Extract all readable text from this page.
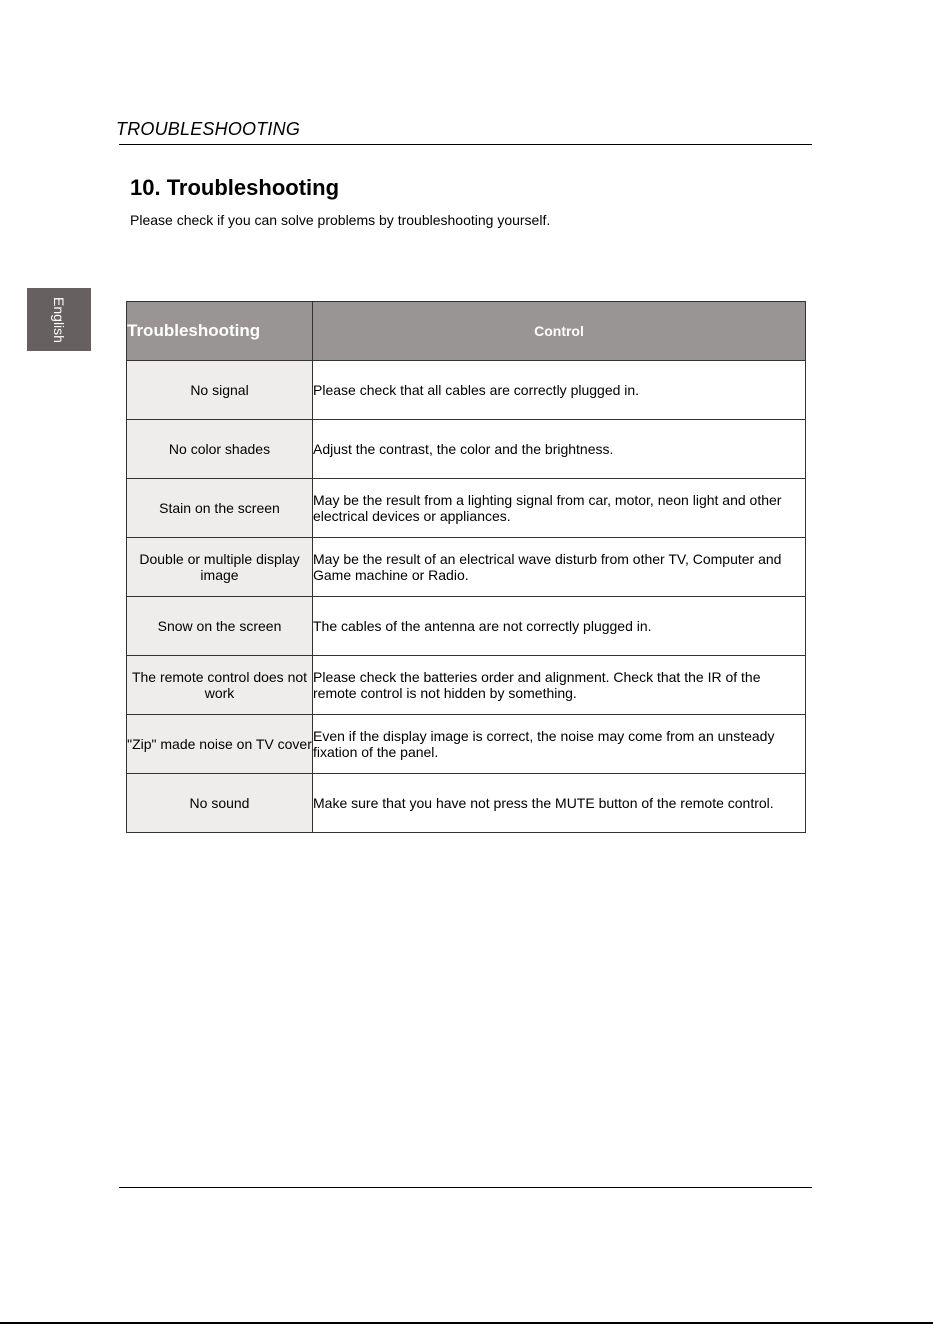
TROUBLESHOOTING
English
10. Troubleshooting
Please check if you can solve problems by troubleshooting yourself.
Troubleshooting	Control
No signal	Please check that all cables are correctly plugged in.
No color shades	Adjust the contrast, the color and the brightness.
Stain on the screen	May be the result from a lighting signal from car, motor, neon light and other electrical devices or appliances.
Double or multiple display image	May be the result of an electrical wave disturb from other TV, Computer and Game machine or Radio.
Snow on the screen	The cables of the antenna are not correctly plugged in.
The remote control does not work	Please check the batteries order and alignment. Check that the IR of the remote control is not hidden by something.
"Zip" made noise on TV cover	Even if the display image is correct, the noise may come from an unsteady fixation of the panel.
No sound	Make sure that you have not press the MUTE button of the remote control.
